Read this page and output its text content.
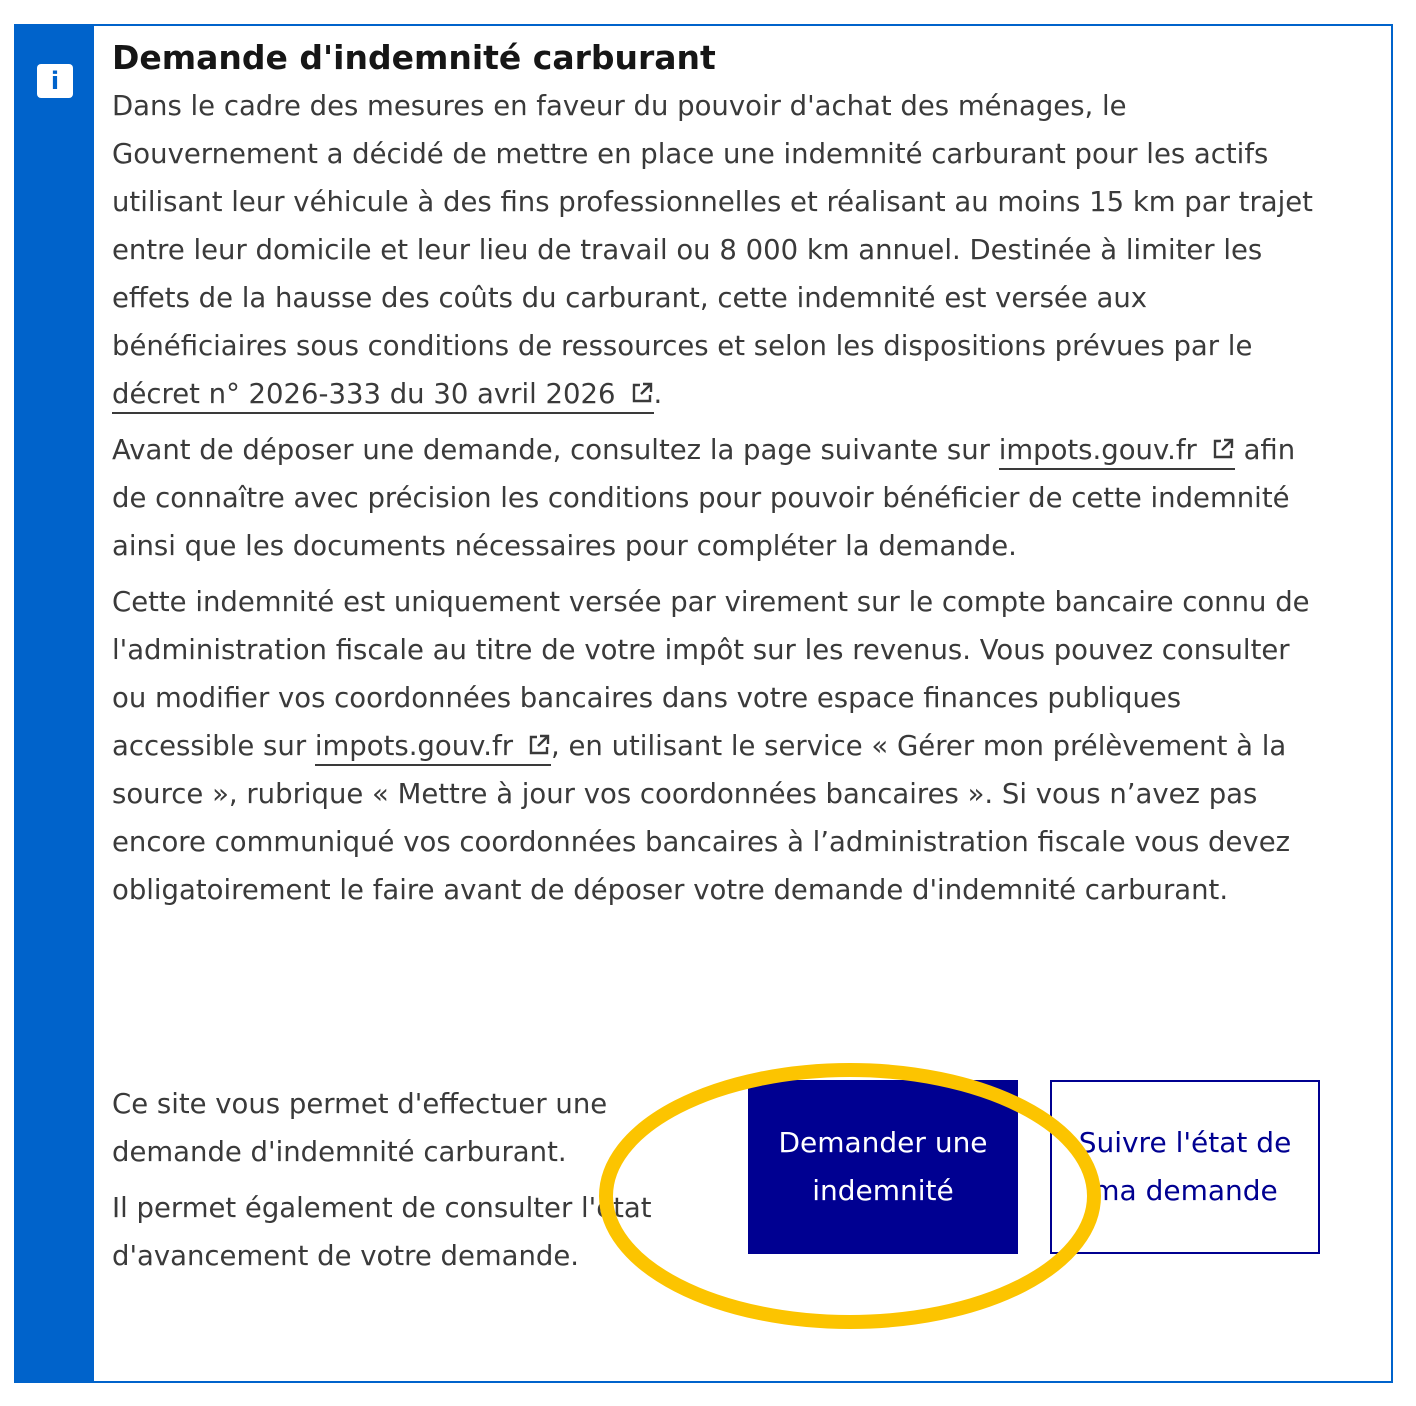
i
Demande d'indemnité carburant

Dans le cadre des mesures en faveur du pouvoir d'achat des ménages, le Gouvernement a décidé de mettre en place une indemnité carburant pour les actifs utilisant leur véhicule à des fins professionnelles et réalisant au moins 15 km par trajet entre leur domicile et leur lieu de travail ou 8 000 km annuel. Destinée à limiter les effets de la hausse des coûts du carburant, cette indemnité est versée aux bénéficiaires sous conditions de ressources et selon les dispositions prévues par le décret n° 2026-333 du 30 avril 2026 .

Avant de déposer une demande, consultez la page suivante sur impots.gouv.fr afin de connaître avec précision les conditions pour pouvoir bénéficier de cette indemnité ainsi que les documents nécessaires pour compléter la demande.

Cette indemnité est uniquement versée par virement sur le compte bancaire connu de l'administration fiscale au titre de votre impôt sur les revenus. Vous pouvez consulter ou modifier vos coordonnées bancaires dans votre espace finances publiques accessible sur impots.gouv.fr , en utilisant le service « Gérer mon prélèvement à la source », rubrique « Mettre à jour vos coordonnées bancaires ». Si vous n’avez pas encore communiqué vos coordonnées bancaires à l’administration fiscale vous devez obligatoirement le faire avant de déposer votre demande d'indemnité carburant.

Ce site vous permet d'effectuer une demande d'indemnité carburant.

Il permet également de consulter l'état d'avancement de votre demande.

Demander une indemnité
Suivre l'état de ma demande
